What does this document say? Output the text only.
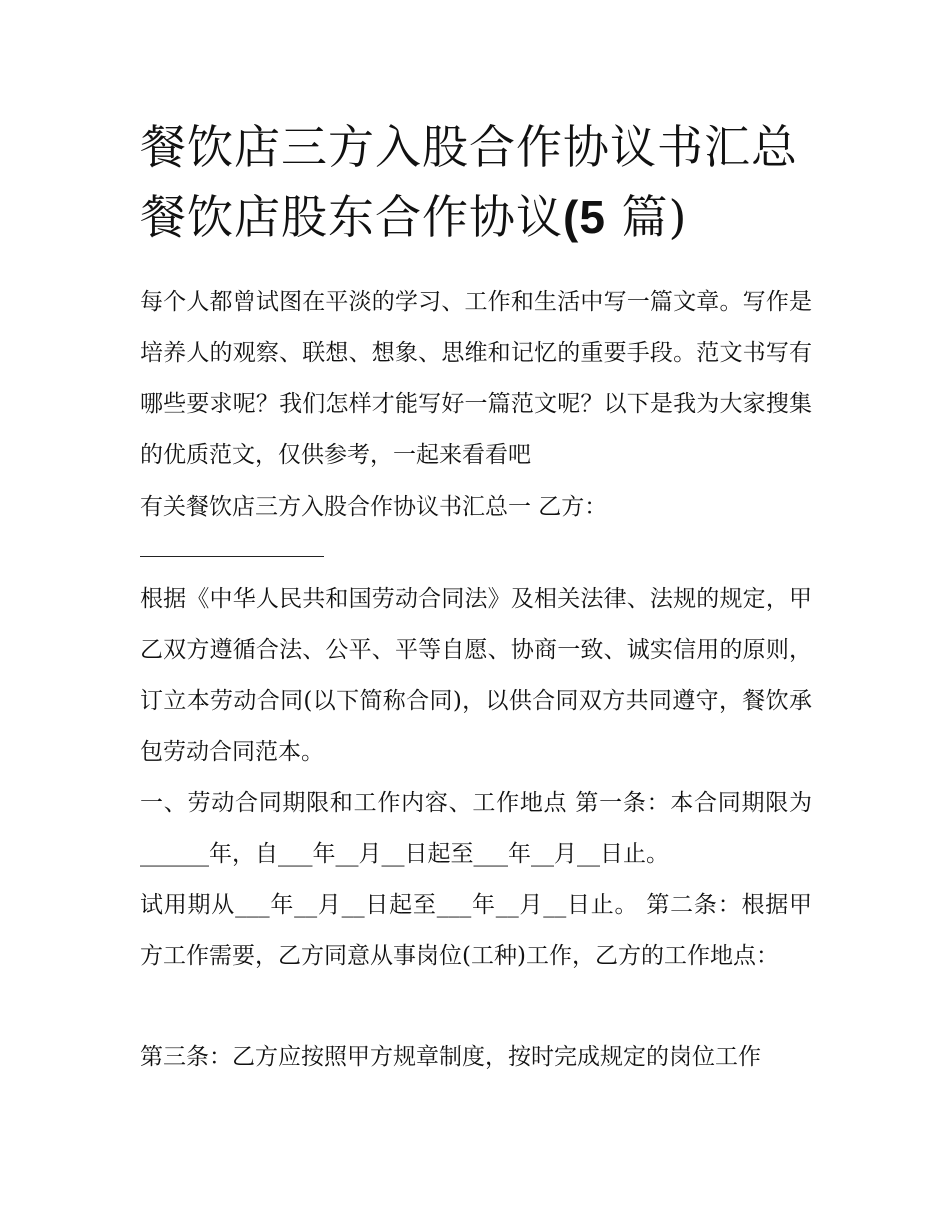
餐饮店三方入股合作协议书汇总 餐饮店股东合作协议(5 篇)

每个人都曾试图在平淡的学习、工作和生活中写一篇文章。写作是培养人的观察、联想、想象、思维和记忆的重要手段。范文书写有哪些要求呢？我们怎样才能写好一篇范文呢？以下是我为大家搜集的优质范文，仅供参考，一起来看看吧

有关餐饮店三方入股合作协议书汇总一 乙方：

根据《中华人民共和国劳动合同法》及相关法律、法规的规定，甲乙双方遵循合法、公平、平等自愿、协商一致、诚实信用的原则，订立本劳动合同(以下简称合同)，以供合同双方共同遵守，餐饮承包劳动合同范本。

一、劳动合同期限和工作内容、工作地点 第一条：本合同期限为______年，自___年__月__日起至___年__月__日止。

试用期从___年__月__日起至___年__月__日止。 第二条：根据甲方工作需要，乙方同意从事岗位(工种)工作，乙方的工作地点：

第三条：乙方应按照甲方规章制度，按时完成规定的岗位工作
